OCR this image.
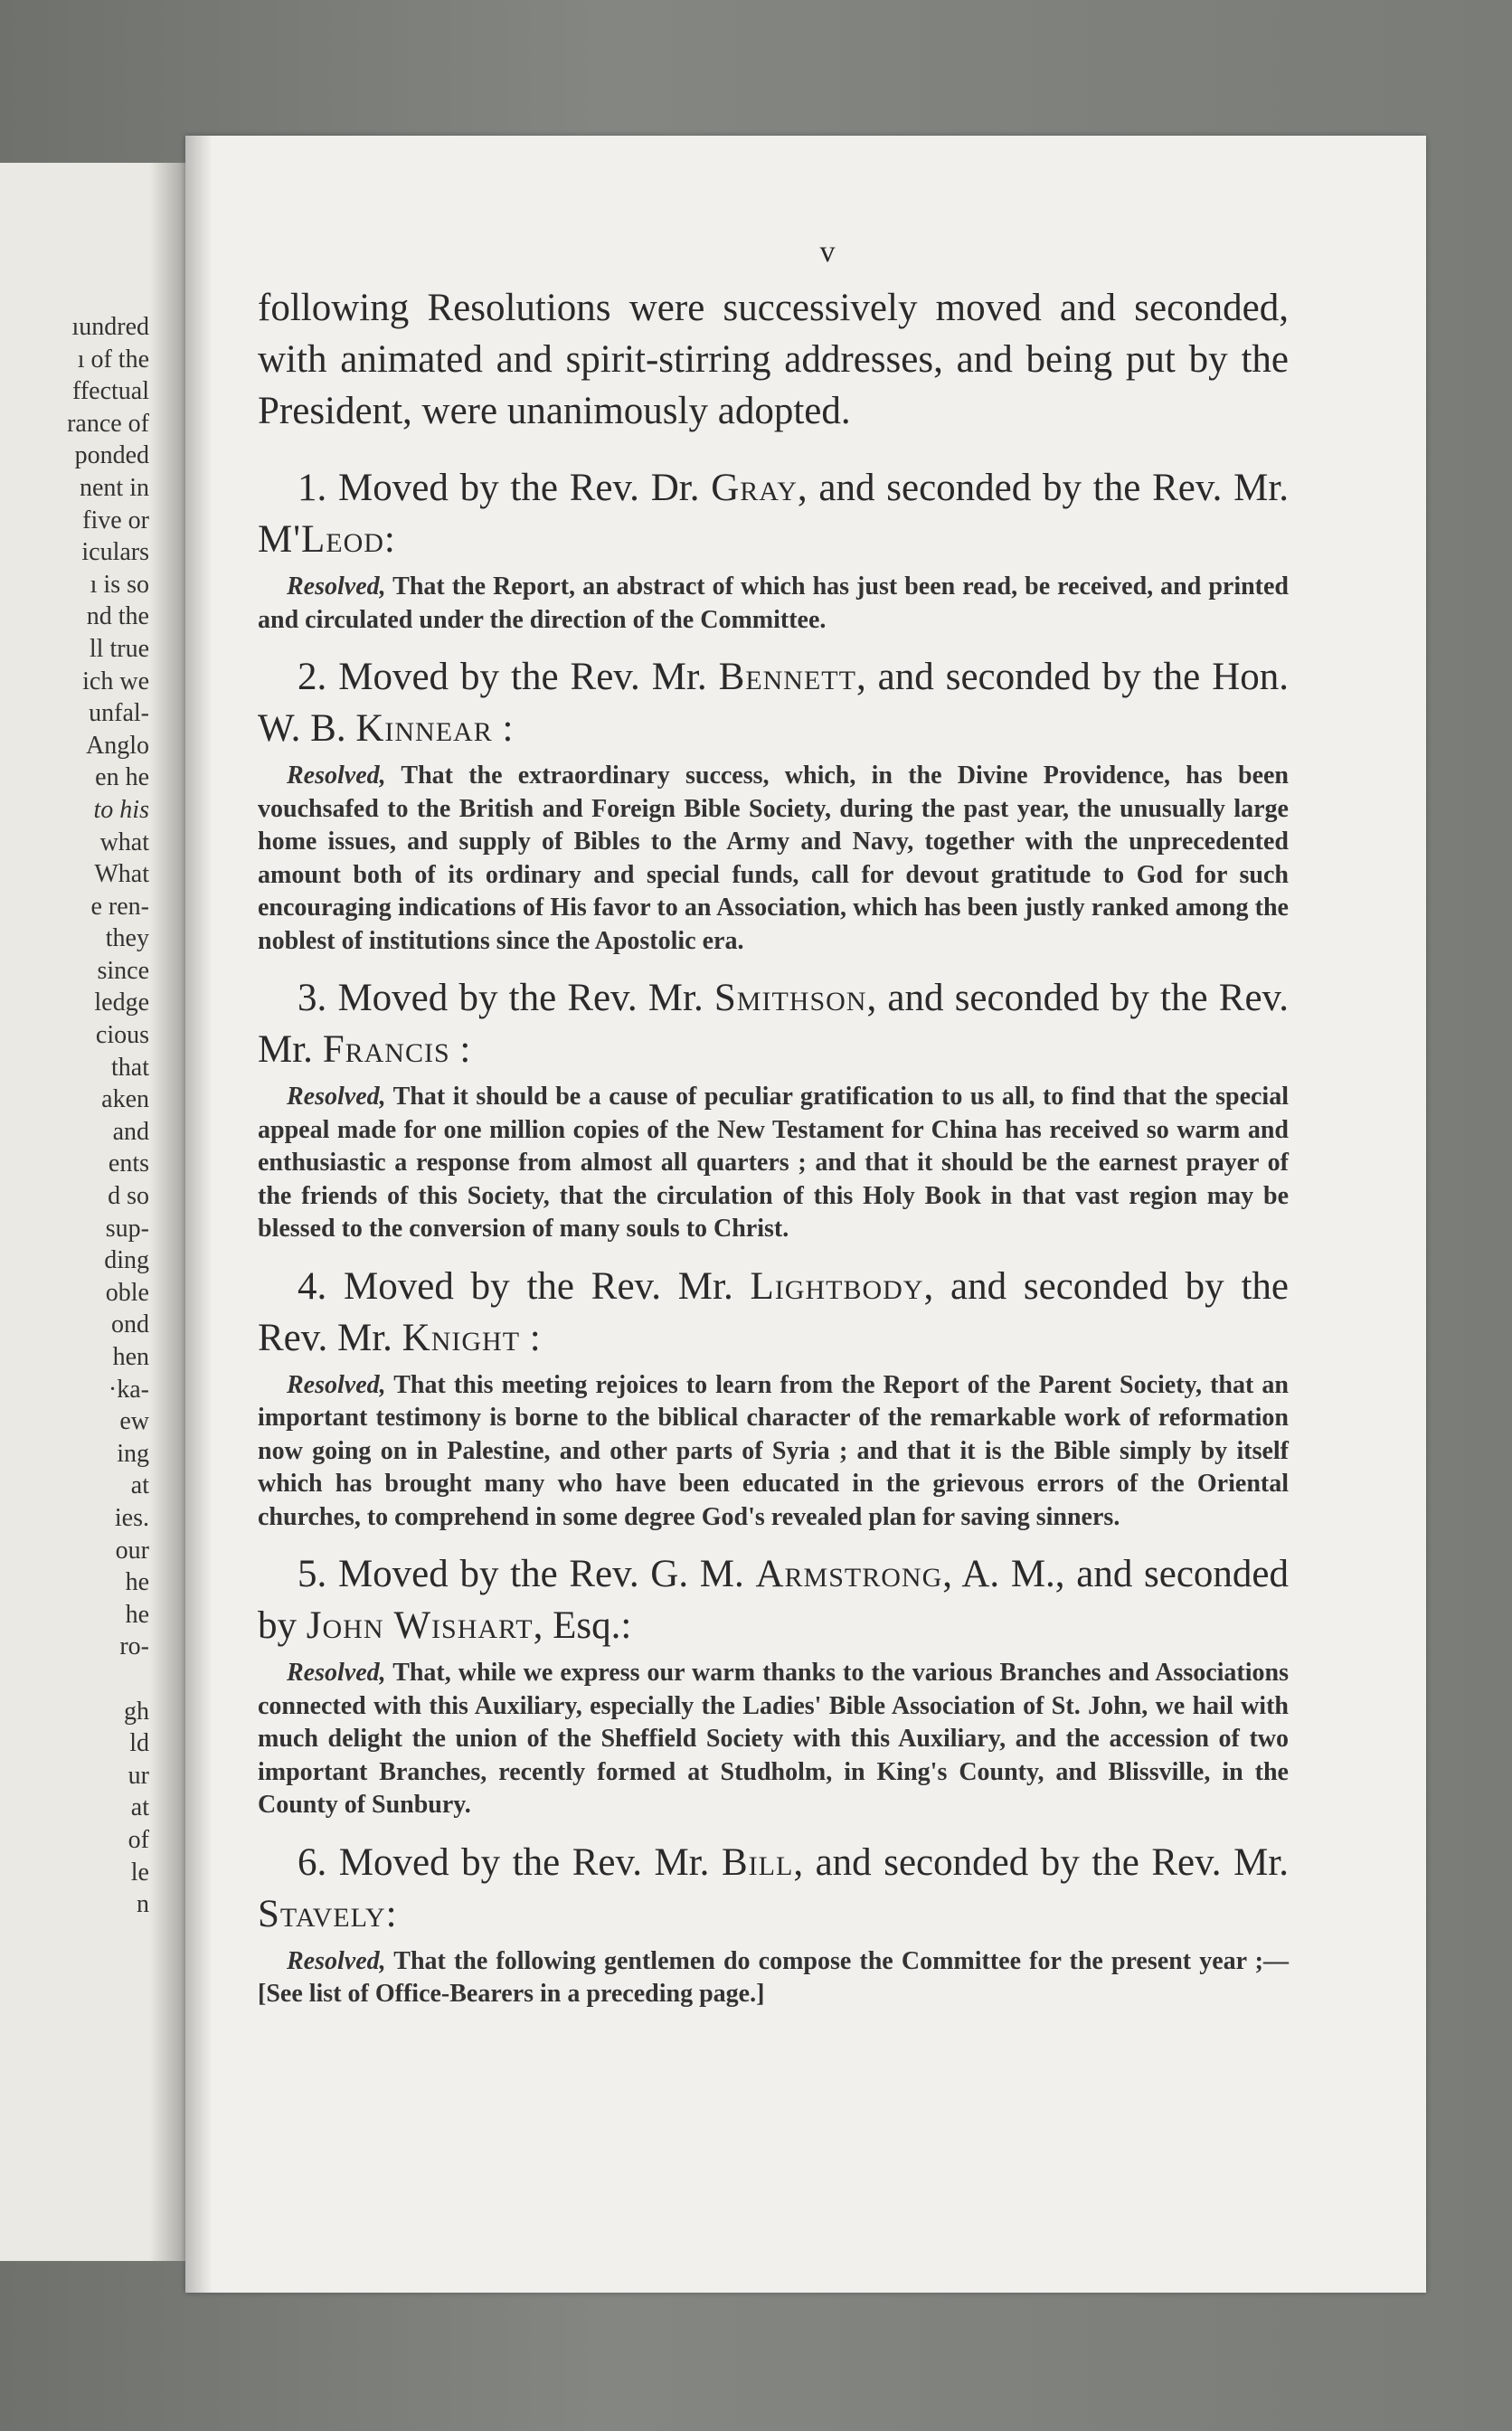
ıundred
ı of the
ffectual
rance of
ponded
nent in
five or
iculars
ı is so
nd the
ll true
ich we
unfal-
Anglo
en he
to his
what
What
e ren-
they
since
ledge
cious
that
aken
and
ents
d so
sup-
ding
oble
ond
hen
·ka-
ew
ing
at
ies.
our
he
he
ro-
gh
ld
ur
at
of
le
n
v

following Resolutions were successively moved and seconded, with animated and spirit-stirring addresses, and being put by the President, were unanimously adopted.

1. Moved by the Rev. Dr. Gray, and seconded by the Rev. Mr. M'Leod:

Resolved, That the Report, an abstract of which has just been read, be received, and printed and circulated under the direction of the Committee.

2. Moved by the Rev. Mr. Bennett, and seconded by the Hon. W. B. Kinnear :

Resolved, That the extraordinary success, which, in the Divine Providence, has been vouchsafed to the British and Foreign Bible Society, during the past year, the unusually large home issues, and supply of Bibles to the Army and Navy, together with the unprecedented amount both of its ordinary and special funds, call for devout gratitude to God for such encouraging indications of His favor to an Association, which has been justly ranked among the noblest of institutions since the Apostolic era.

3. Moved by the Rev. Mr. Smithson, and seconded by the Rev. Mr. Francis :

Resolved, That it should be a cause of peculiar gratification to us all, to find that the special appeal made for one million copies of the New Testament for China has received so warm and enthusiastic a response from almost all quarters ; and that it should be the earnest prayer of the friends of this Society, that the circulation of this Holy Book in that vast region may be blessed to the conversion of many souls to Christ.

4. Moved by the Rev. Mr. Lightbody, and seconded by the Rev. Mr. Knight :

Resolved, That this meeting rejoices to learn from the Report of the Parent Society, that an important testimony is borne to the biblical character of the remarkable work of reformation now going on in Palestine, and other parts of Syria ; and that it is the Bible simply by itself which has brought many who have been educated in the grievous errors of the Oriental churches, to comprehend in some degree God's revealed plan for saving sinners.

5. Moved by the Rev. G. M. Armstrong, A. M., and seconded by John Wishart, Esq.:

Resolved, That, while we express our warm thanks to the various Branches and Associations connected with this Auxiliary, especially the Ladies' Bible Association of St. John, we hail with much delight the union of the Sheffield Society with this Auxiliary, and the accession of two important Branches, recently formed at Studholm, in King's County, and Blissville, in the County of Sunbury.

6. Moved by the Rev. Mr. Bill, and seconded by the Rev. Mr. Stavely:

Resolved, That the following gentlemen do compose the Committee for the present year ;—[See list of Office-Bearers in a preceding page.]
